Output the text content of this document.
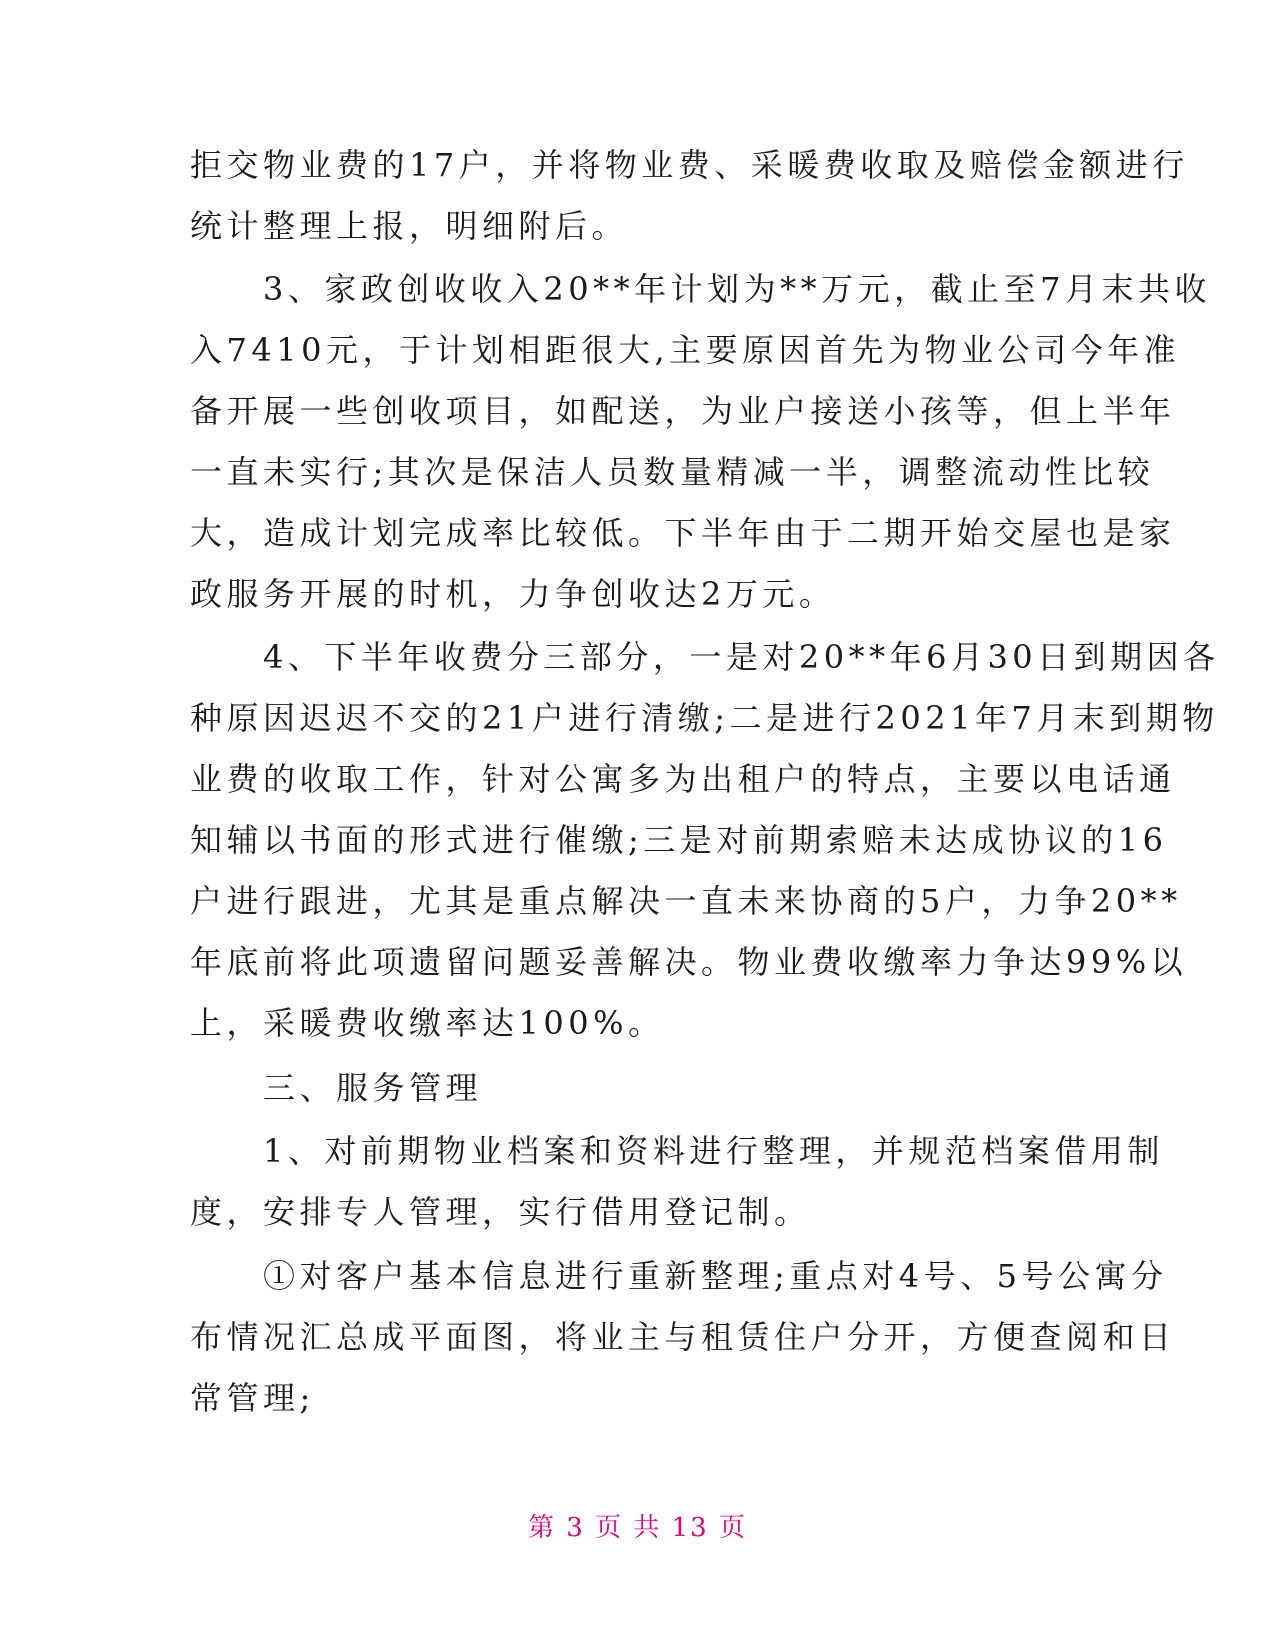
拒交物业费的17户，并将物业费、采暖费收取及赔偿金额进行
统计整理上报，明细附后。
　　3、家政创收收入20**年计划为**万元，截止至7月末共收
入7410元，于计划相距很大,主要原因首先为物业公司今年准
备开展一些创收项目，如配送，为业户接送小孩等，但上半年
一直未实行;其次是保洁人员数量精减一半，调整流动性比较
大，造成计划完成率比较低。下半年由于二期开始交屋也是家
政服务开展的时机，力争创收达2万元。
　　4、下半年收费分三部分，一是对20**年6月30日到期因各
种原因迟迟不交的21户进行清缴;二是进行2021年7月末到期物
业费的收取工作，针对公寓多为出租户的特点，主要以电话通
知辅以书面的形式进行催缴;三是对前期索赔未达成协议的16
户进行跟进，尤其是重点解决一直未来协商的5户，力争20**
年底前将此项遗留问题妥善解决。物业费收缴率力争达99%以
上，采暖费收缴率达100%。
　　三、服务管理
　　1、对前期物业档案和资料进行整理，并规范档案借用制
度，安排专人管理，实行借用登记制。
　　①对客户基本信息进行重新整理;重点对4号、5号公寓分
布情况汇总成平面图，将业主与租赁住户分开，方便查阅和日
常管理;
第 3 页 共 13 页
